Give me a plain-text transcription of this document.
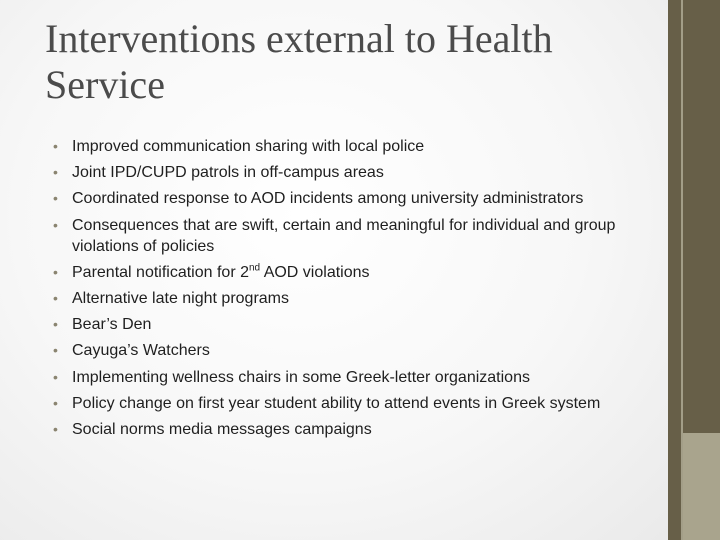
Interventions external to Health Service
• Improved communication sharing with local police
• Joint IPD/CUPD patrols in off-campus areas
• Coordinated response to AOD incidents among university administrators
• Consequences that are swift, certain and meaningful for individual and group violations of policies
• Parental notification for 2nd AOD violations
• Alternative late night programs
• Bear’s Den
• Cayuga’s Watchers
• Implementing wellness chairs in some Greek-letter organizations
• Policy change on first year student ability to attend events in Greek system
• Social norms media messages campaigns
